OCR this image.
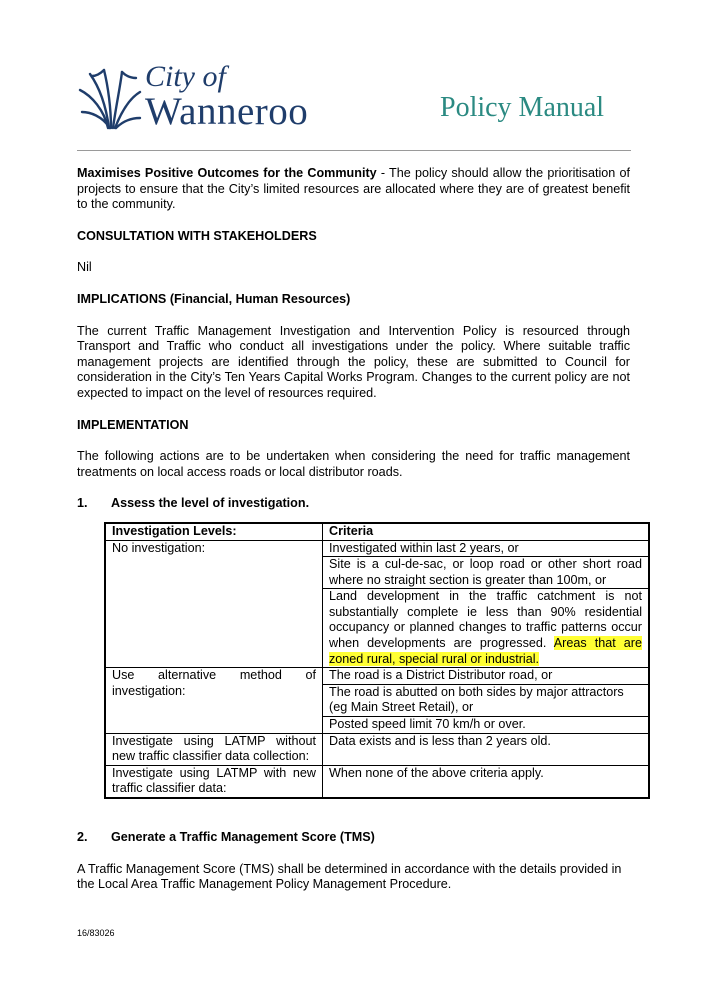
City of
Wanneroo	Policy Manual

Maximises Positive Outcomes for the Community - The policy should allow the prioritisation of projects to ensure that the City’s limited resources are allocated where they are of greatest benefit to the community.

CONSULTATION WITH STAKEHOLDERS

Nil

IMPLICATIONS (Financial, Human Resources)

The current Traffic Management Investigation and Intervention Policy is resourced through Transport and Traffic who conduct all investigations under the policy. Where suitable traffic management projects are identified through the policy, these are submitted to Council for consideration in the City’s Ten Years Capital Works Program. Changes to the current policy are not expected to impact on the level of resources required.

IMPLEMENTATION

The following actions are to be undertaken when considering the need for traffic management treatments on local access roads or local distributor roads.

1.	Assess the level of investigation.
Investigation Levels:	Criteria
No investigation:	Investigated within last 2 years, or
	Site is a cul-de-sac, or loop road or other short road where no straight section is greater than 100m, or
	Land development in the traffic catchment is not substantially complete ie less than 90% residential occupancy or planned changes to traffic patterns occur when developments are progressed. Areas that are zoned rural, special rural or industrial.
Use alternative method of investigation:	The road is a District Distributor road, or
	The road is abutted on both sides by major attractors (eg Main Street Retail), or
	Posted speed limit 70 km/h or over.
Investigate using LATMP without new traffic classifier data collection:	Data exists and is less than 2 years old.
Investigate using LATMP with new traffic classifier data:	When none of the above criteria apply.
2.	Generate a Traffic Management Score (TMS)

A Traffic Management Score (TMS) shall be determined in accordance with the details provided in the Local Area Traffic Management Policy Management Procedure.

16/83026
